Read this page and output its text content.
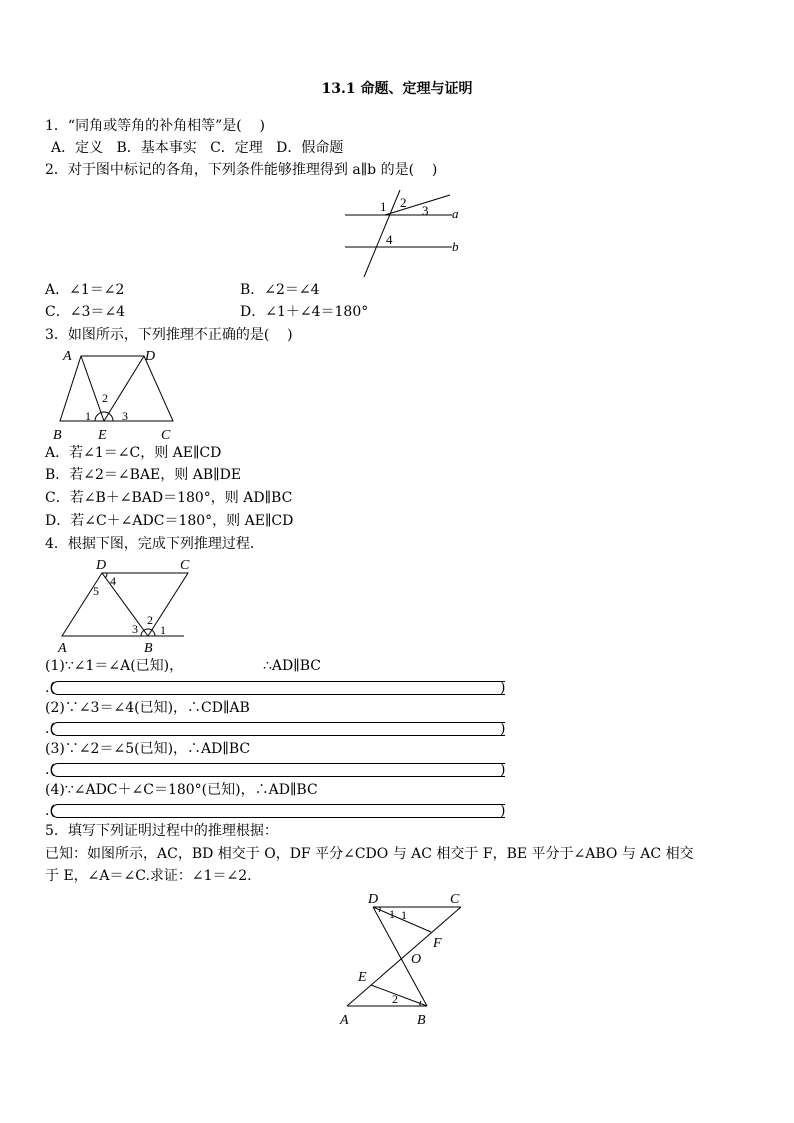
13.1 命题、定理与证明
1．“同角或等角的补角相等”是(    )
A．定义   B．基本事实   C．定理   D．假命题
2．对于图中标记的各角，下列条件能够推理得到 a∥b 的是(    )
1 2
3
4
a
b
A．∠1＝∠2	B．∠2＝∠4
C．∠3＝∠4	D．∠1＋∠4＝180°
3．如图所示，下列推理不正确的是(    )
A	D
B	E	C
1
2
3
A．若∠1＝∠C，则 AE∥CD
B．若∠2＝∠BAE，则 AB∥DE
C．若∠B＋∠BAD＝180°，则 AD∥BC
D．若∠C＋∠ADC＝180°，则 AE∥CD
4．根据下图，完成下列推理过程．
D	C
A	B
4
5
2
3 1
(1)∵∠1＝∠A(已知)，	∴AD∥BC
.(	)
(2)∵∠3＝∠4(已知)，∴CD∥AB
.(	)
(3)∵∠2＝∠5(已知)，∴AD∥BC
.(	)
(4)∵∠ADC＋∠C＝180°(已知)，∴AD∥BC
.(	)
5．填写下列证明过程中的推理根据：
已知：如图所示，AC，BD 相交于 O，DF 平分∠CDO 与 AC 相交于 F，BE 平分于∠ABO 与 AC 相交
于 E，∠A＝∠C.求证：∠1＝∠2.
D	C
F
O
E
A	B
1 1
2
